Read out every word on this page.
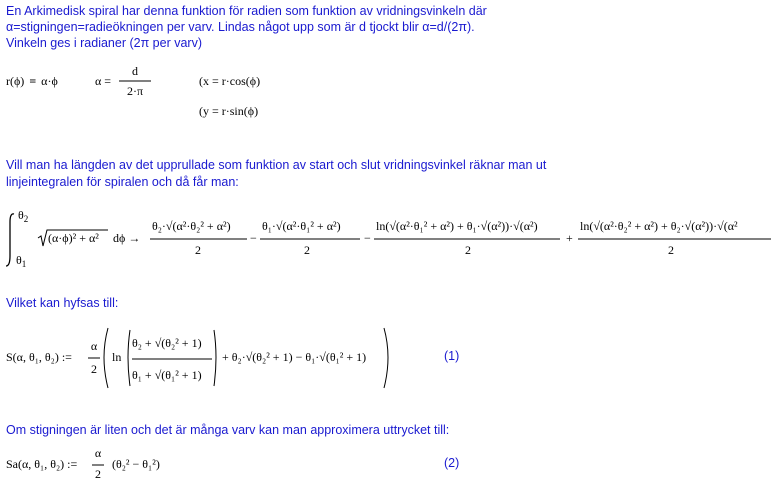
En Arkimedisk spiral har denna funktion för radien som funktion av vridningsvinkeln där
α=stigningen=radieökningen per varv. Lindas något upp som är d tjockt blir α=d/(2π).
Vinkeln ges i radianer (2π per varv)
r(ϕ) = α·ϕ	α =
d
2·π
(x = r·cos(ϕ)
(y = r·sin(ϕ)
Vill man ha längden av det upprullade som funktion av start och slut vridningsvinkel räknar man ut
linjeintegralen för spiralen och då får man:
$\theta_2$
$\theta_1$
(α·ϕ)² + α² dϕ →
θ₂·√(α²·θ₂² + α²)
2
−
θ₁·√(α²·θ₁² + α²)
2
−
ln(√(α²·θ₁² + α²) + θ₁·√(α²))·√(α²)
2
+
ln(√(α²·θ₂² + α²) + θ₂·√(α²))·√(α²
2
Vilket kan hyfsas till:
S(α, θ₁, θ₂) :=
α
2
ln
θ₂ + √(θ₂² + 1)
θ₁ + √(θ₁² + 1)
+ θ₂·√(θ₂² + 1) − θ₁·√(θ₁² + 1)	(1)
Om stigningen är liten och det är många varv kan man approximera uttrycket till:
Sa(α, θ₁, θ₂) :=
α
2
(θ₂² − θ₁²)	(2)
